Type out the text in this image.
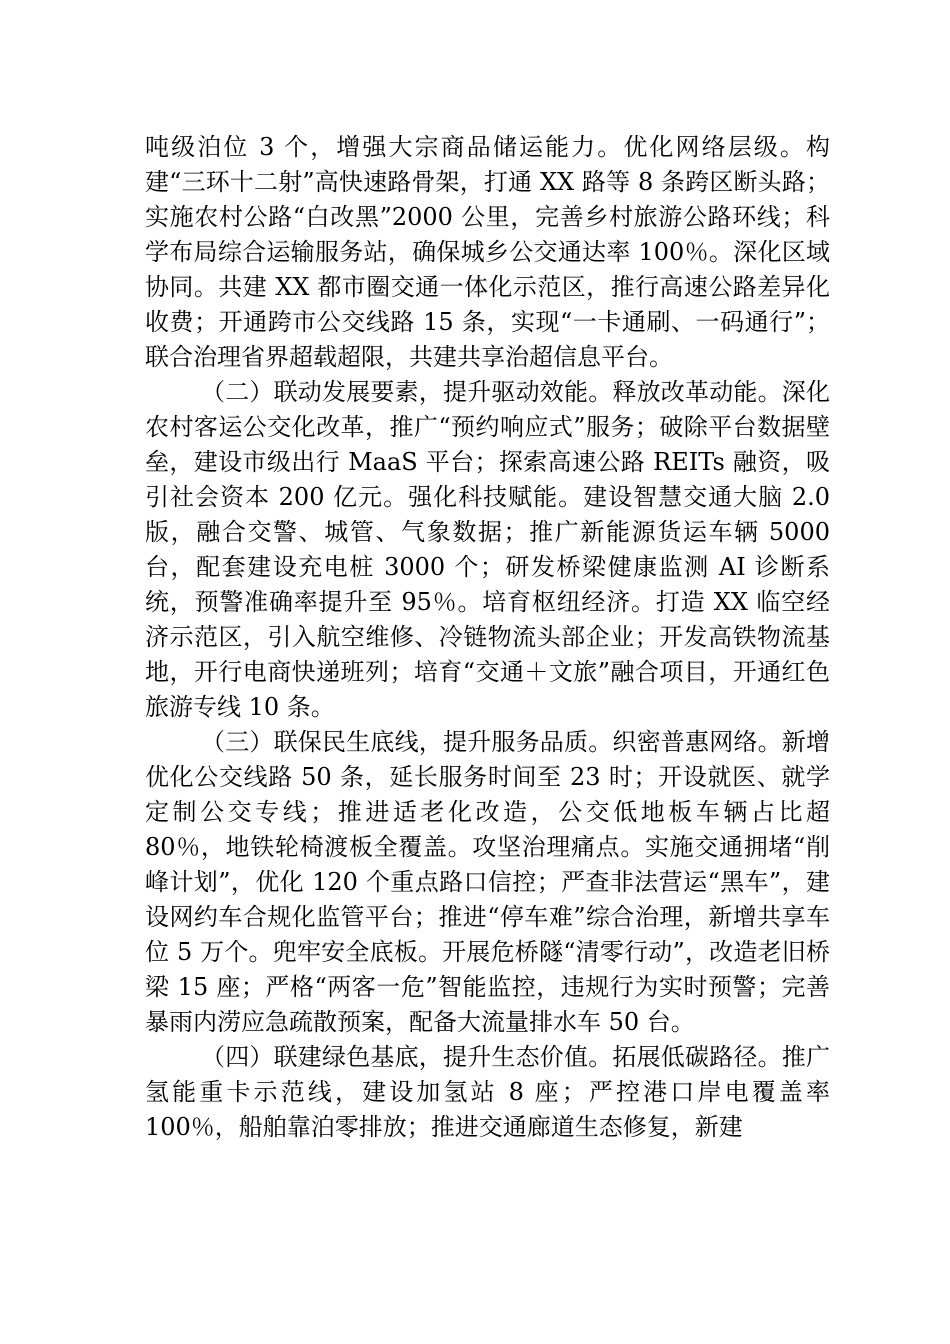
吨级泊位 3 个，增强大宗商品储运能力。优化网络层级。构建“三环十二射”高快速路骨架，打通 XX 路等 8 条跨区断头路；实施农村公路“白改黑”2000 公里，完善乡村旅游公路环线；科学布局综合运输服务站，确保城乡公交通达率 100％。深化区域协同。共建 XX 都市圈交通一体化示范区，推行高速公路差异化收费；开通跨市公交线路 15 条，实现“一卡通刷、一码通行”；联合治理省界超载超限，共建共享治超信息平台。

（二）联动发展要素，提升驱动效能。释放改革动能。深化农村客运公交化改革，推广“预约响应式”服务；破除平台数据壁垒，建设市级出行 MaaS 平台；探索高速公路 REITs 融资，吸引社会资本 200 亿元。强化科技赋能。建设智慧交通大脑 2.0 版，融合交警、城管、气象数据；推广新能源货运车辆 5000 台，配套建设充电桩 3000 个；研发桥梁健康监测 AI 诊断系统，预警准确率提升至 95％。培育枢纽经济。打造 XX 临空经济示范区，引入航空维修、冷链物流头部企业；开发高铁物流基地，开行电商快递班列；培育“交通＋文旅”融合项目，开通红色旅游专线 10 条。

（三）联保民生底线，提升服务品质。织密普惠网络。新增优化公交线路 50 条，延长服务时间至 23 时；开设就医、就学定制公交专线；推进适老化改造，公交低地板车辆占比超 80％，地铁轮椅渡板全覆盖。攻坚治理痛点。实施交通拥堵“削峰计划”，优化 120 个重点路口信控；严查非法营运“黑车”，建设网约车合规化监管平台；推进“停车难”综合治理，新增共享车位 5 万个。兜牢安全底板。开展危桥隧“清零行动”，改造老旧桥梁 15 座；严格“两客一危”智能监控，违规行为实时预警；完善暴雨内涝应急疏散预案，配备大流量排水车 50 台。

（四）联建绿色基底，提升生态价值。拓展低碳路径。推广氢能重卡示范线，建设加氢站 8 座；严控港口岸电覆盖率 100％，船舶靠泊零排放；推进交通廊道生态修复，新建
